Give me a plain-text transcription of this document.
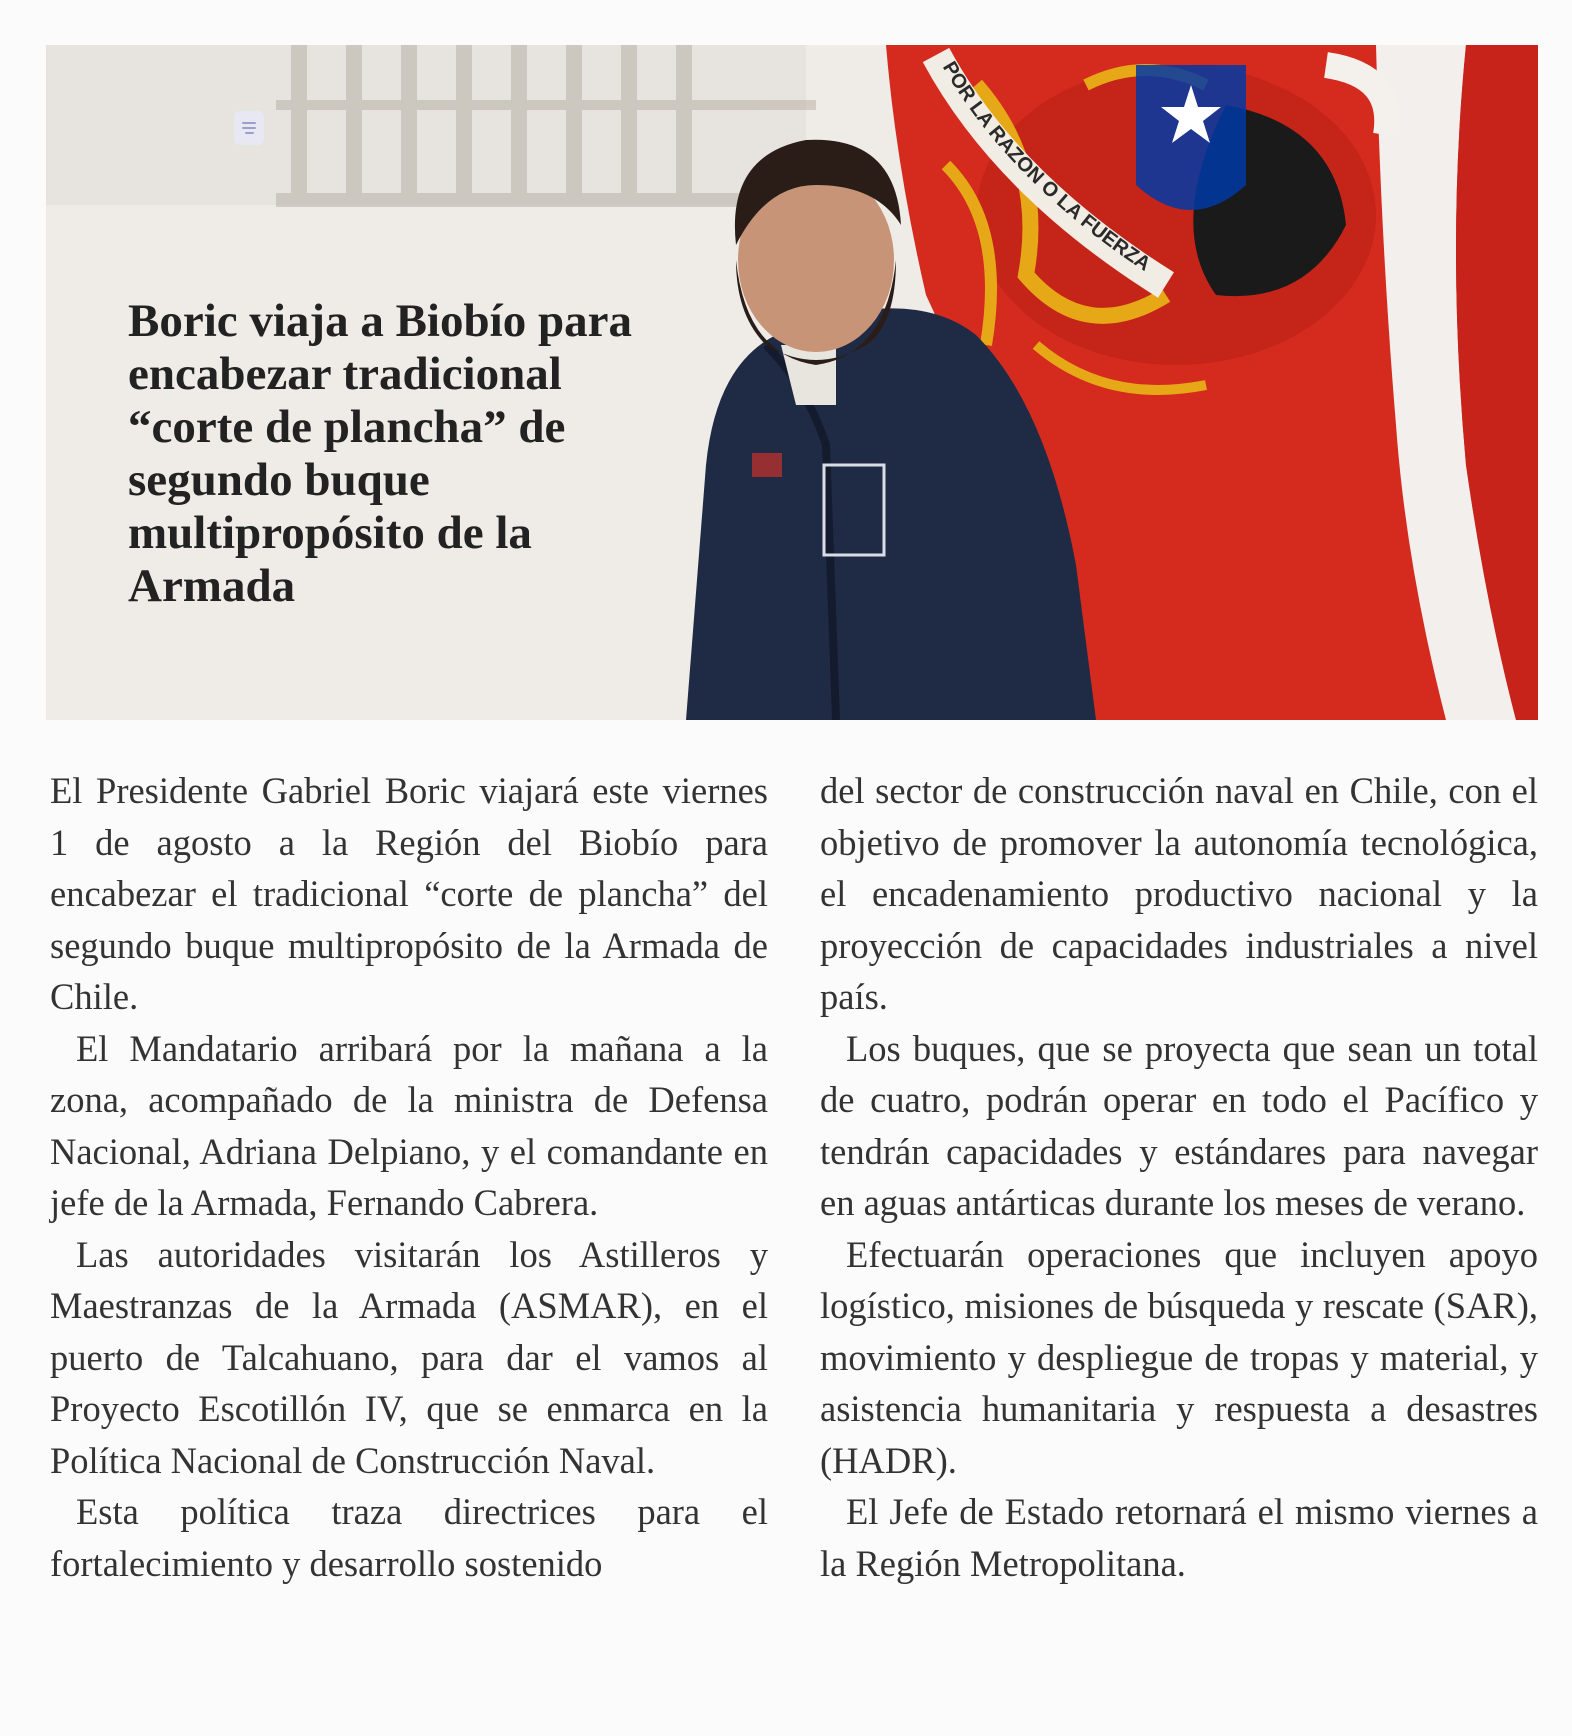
POR LA RAZON O LA FUERZA
Boric viaja a Biobío para encabezar tradicional “corte de plancha” de segundo buque multipropósito de la Armada

El Presidente Gabriel Boric viajará este viernes 1 de agosto a la Región del Biobío para encabezar el tradicional “corte de plancha” del segundo buque multipropósito de la Armada de Chile.

El Mandatario arribará por la mañana a la zona, acompañado de la ministra de Defensa Nacional, Adriana Delpiano, y el comandante en jefe de la Armada, Fernando Cabrera.

Las autoridades visitarán los Astilleros y Maestranzas de la Armada (ASMAR), en el puerto de Talcahuano, para dar el vamos al Proyecto Escotillón IV, que se enmarca en la Política Nacional de Construcción Naval.

Esta política traza directrices para el fortalecimiento y desarrollo sostenido

del sector de construcción naval en Chile, con el objetivo de promover la autonomía tecnológica, el encadenamiento productivo nacional y la proyección de capacidades industriales a nivel país.

Los buques, que se proyecta que sean un total de cuatro, podrán operar en todo el Pacífico y tendrán capacidades y estándares para navegar en aguas antárticas durante los meses de verano.

Efectuarán operaciones que incluyen apoyo logístico, misiones de búsqueda y rescate (SAR), movimiento y despliegue de tropas y material, y asistencia humanitaria y respuesta a desastres (HADR).

El Jefe de Estado retornará el mismo viernes a la Región Metropolitana.
